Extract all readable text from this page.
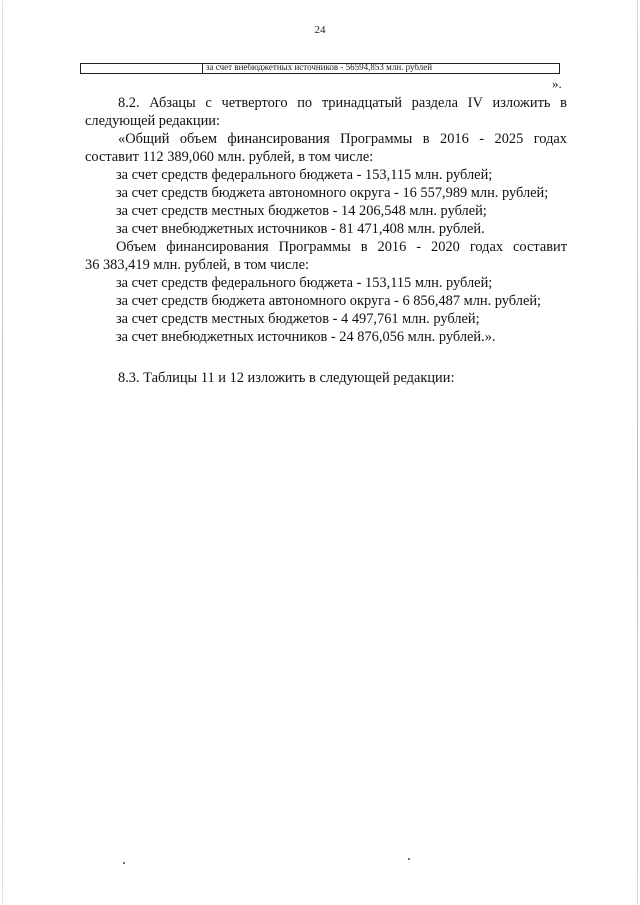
24
за счет внебюджетных источников - 56594,853 млн. рублей
».
8.2. Абзацы с четвертого по тринадцатый раздела IV изложить в
следующей редакции:
«Общий объем финансирования Программы в 2016 - 2025 годах
составит 112 389,060 млн. рублей, в том числе:
за счет средств федерального бюджета - 153,115 млн. рублей;
за счет средств бюджета автономного округа - 16 557,989 млн. рублей;
за счет средств местных бюджетов - 14 206,548 млн. рублей;
за счет внебюджетных источников - 81 471,408 млн. рублей.
Объем финансирования Программы в 2016 - 2020 годах составит
36 383,419 млн. рублей, в том числе:
за счет средств федерального бюджета - 153,115 млн. рублей;
за счет средств бюджета автономного округа - 6 856,487 млн. рублей;
за счет средств местных бюджетов - 4 497,761 млн. рублей;
за счет внебюджетных источников - 24 876,056 млн. рублей.».
8.3. Таблицы 11 и 12 изложить в следующей редакции:
